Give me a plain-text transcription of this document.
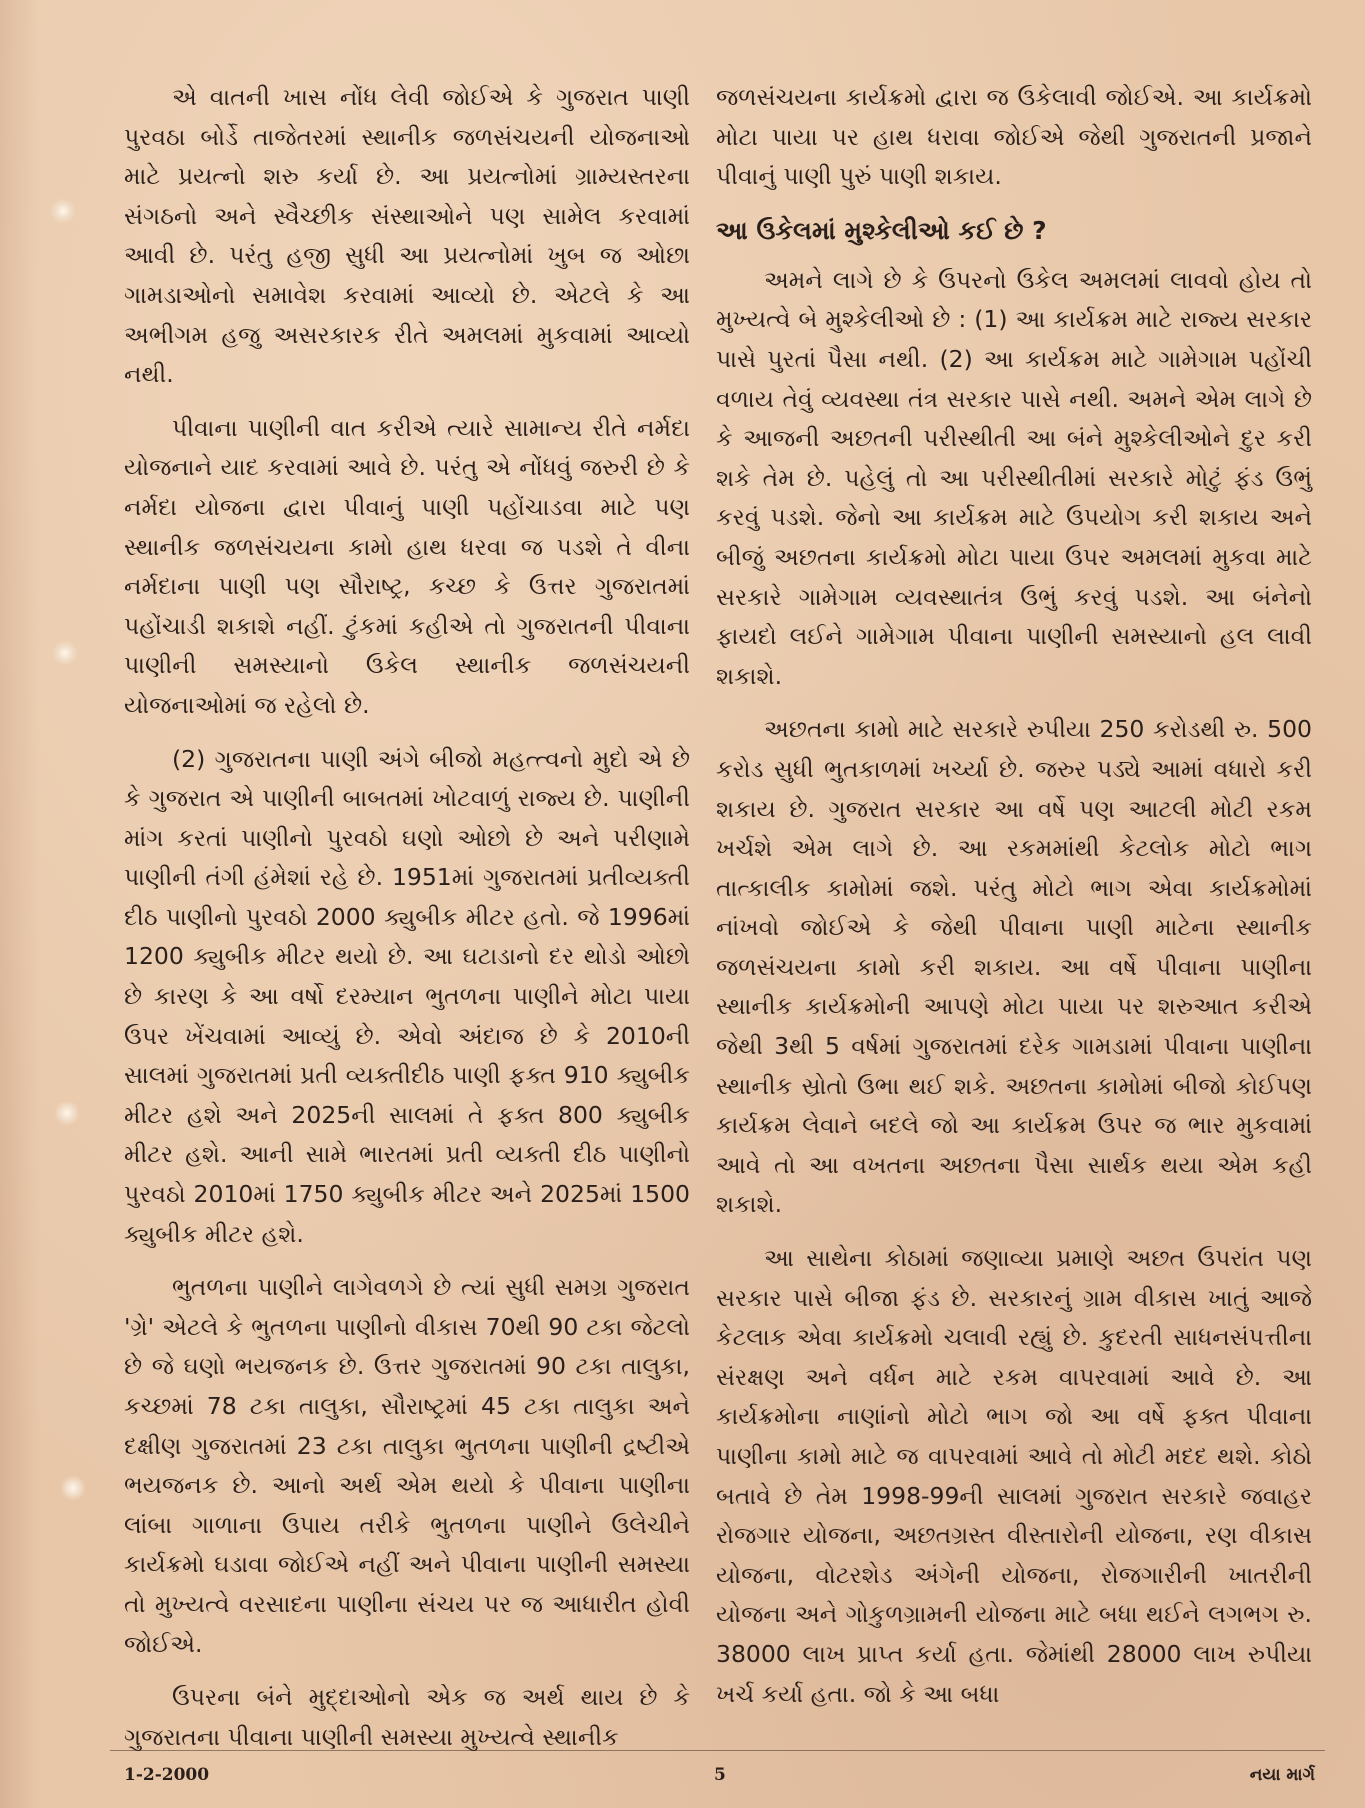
એ વાતની ખાસ નોંધ લેવી જોઈએ કે ગુજરાત પાણી પુરવઠા બોર્ડે તાજેતરમાં સ્થાનીક જળસંચયની યોજનાઓ માટે પ્રયત્નો શરુ કર્યા છે. આ પ્રયત્નોમાં ગ્રામ્યસ્તરના સંગઠનો અને સ્વૈચ્છીક સંસ્થાઓને પણ સામેલ કરવામાં આવી છે. પરંતુ હજી સુધી આ પ્રયત્નોમાં ખુબ જ ઓછા ગામડાઓનો સમાવેશ કરવામાં આવ્યો છે. એટલે કે આ અભીગમ હજુ અસરકારક રીતે અમલમાં મુકવામાં આવ્યો નથી.

પીવાના પાણીની વાત કરીએ ત્યારે સામાન્ય રીતે નર્મદા યોજનાને યાદ કરવામાં આવે છે. પરંતુ એ નોંધવું જરુરી છે કે નર્મદા યોજના દ્વારા પીવાનું પાણી પહોંચાડવા માટે પણ સ્થાનીક જળસંચયના કામો હાથ ધરવા જ પડશે તે વીના નર્મદાના પાણી પણ સૌરાષ્ટ્ર, કચ્છ કે ઉત્તર ગુજરાતમાં પહોંચાડી શકાશે નહીં. ટુંકમાં કહીએ તો ગુજરાતની પીવાના પાણીની સમસ્યાનો ઉકેલ સ્થાનીક જળસંચયની યોજનાઓમાં જ રહેલો છે.

(2) ગુજરાતના પાણી અંગે બીજો મહત્ત્વનો મુદો એ છે કે ગુજરાત એ પાણીની બાબતમાં ખોટવાળું રાજ્ય છે. પાણીની માંગ કરતાં પાણીનો પુરવઠો ઘણો ઓછો છે અને પરીણામે પાણીની તંગી હંમેશાં રહે છે. 1951માં ગુજરાતમાં પ્રતીવ્યક્તી દીઠ પાણીનો પુરવઠો 2000 ક્યુબીક મીટર હતો. જે 1996માં 1200 ક્યુબીક મીટર થયો છે. આ ઘટાડાનો દર થોડો ઓછો છે કારણ કે આ વર્ષો દરમ્યાન ભુતળના પાણીને મોટા પાયા ઉપર ખેંચવામાં આવ્યું છે. એવો અંદાજ છે કે 2010ની સાલમાં ગુજરાતમાં પ્રતી વ્યક્તીદીઠ પાણી ફક્ત 910 ક્યુબીક મીટર હશે અને 2025ની સાલમાં તે ફક્ત 800 ક્યુબીક મીટર હશે. આની સામે ભારતમાં પ્રતી વ્યક્તી દીઠ પાણીનો પુરવઠો 2010માં 1750 ક્યુબીક મીટર અને 2025માં 1500 ક્યુબીક મીટર હશે.

ભુતળના પાણીને લાગેવળગે છે ત્યાં સુધી સમગ્ર ગુજરાત 'ગ્રે' એટલે કે ભુતળના પાણીનો વીકાસ 70થી 90 ટકા જેટલો છે જે ઘણો ભયજનક છે. ઉત્તર ગુજરાતમાં 90 ટકા તાલુકા, કચ્છમાં 78 ટકા તાલુકા, સૌરાષ્ટ્રમાં 45 ટકા તાલુકા અને દક્ષીણ ગુજરાતમાં 23 ટકા તાલુકા ભુતળના પાણીની દ્રષ્ટીએ ભયજનક છે. આનો અર્થ એમ થયો કે પીવાના પાણીના લાંબા ગાળાના ઉપાય તરીકે ભુતળના પાણીને ઉલેચીને કાર્યક્રમો ઘડાવા જોઈએ નહીં અને પીવાના પાણીની સમસ્યા તો મુખ્યત્વે વરસાદના પાણીના સંચય પર જ આધારીત હોવી જોઈએ.

ઉપરના બંને મુદ્દાઓનો એક જ અર્થ થાય છે કે ગુજરાતના પીવાના પાણીની સમસ્યા મુખ્યત્વે સ્થાનીક

જળસંચયના કાર્યક્રમો દ્વારા જ ઉકેલાવી જોઈએ. આ કાર્યક્રમો મોટા પાયા પર હાથ ધરાવા જોઈએ જેથી ગુજરાતની પ્રજાને પીવાનું પાણી પુરું પાણી શકાય.

આ ઉકેલમાં મુશ્કેલીઓ કઈ છે ?

અમને લાગે છે કે ઉપરનો ઉકેલ અમલમાં લાવવો હોય તો મુખ્યત્વે બે મુશ્કેલીઓ છે : (1) આ કાર્યક્રમ માટે રાજ્ય સરકાર પાસે પુરતાં પૈસા નથી. (2) આ કાર્યક્રમ માટે ગામેગામ પહોંચી વળાય તેવું વ્યવસ્થા તંત્ર સરકાર પાસે નથી. અમને એમ લાગે છે કે આજની અછતની પરીસ્થીતી આ બંને મુશ્કેલીઓને દુર કરી શકે તેમ છે. પહેલું તો આ પરીસ્થીતીમાં સરકારે મોટું ફંડ ઉભું કરવું પડશે. જેનો આ કાર્યક્રમ માટે ઉપયોગ કરી શકાય અને બીજું અછતના કાર્યક્રમો મોટા પાયા ઉપર અમલમાં મુકવા માટે સરકારે ગામેગામ વ્યવસ્થાતંત્ર ઉભું કરવું પડશે. આ બંનેનો ફાયદો લઈને ગામેગામ પીવાના પાણીની સમસ્યાનો હલ લાવી શકાશે.

અછતના કામો માટે સરકારે રુપીયા 250 કરોડથી રુ. 500 કરોડ સુધી ભુતકાળમાં ખર્ચ્યા છે. જરુર પડ્યે આમાં વધારો કરી શકાય છે. ગુજરાત સરકાર આ વર્ષે પણ આટલી મોટી રકમ ખર્ચશે એમ લાગે છે. આ રકમમાંથી કેટલોક મોટો ભાગ તાત્કાલીક કામોમાં જશે. પરંતુ મોટો ભાગ એવા કાર્યક્રમોમાં નાંખવો જોઈએ કે જેથી પીવાના પાણી માટેના સ્થાનીક જળસંચયના કામો કરી શકાય. આ વર્ષે પીવાના પાણીના સ્થાનીક કાર્યક્રમોની આપણે મોટા પાયા પર શરુઆત કરીએ જેથી 3થી 5 વર્ષમાં ગુજરાતમાં દરેક ગામડામાં પીવાના પાણીના સ્થાનીક સ્રોતો ઉભા થઈ શકે. અછતના કામોમાં બીજો કોઈપણ કાર્યક્રમ લેવાને બદલે જો આ કાર્યક્રમ ઉપર જ ભાર મુકવામાં આવે તો આ વખતના અછતના પૈસા સાર્થક થયા એમ કહી શકાશે.

આ સાથેના કોઠામાં જણાવ્યા પ્રમાણે અછત ઉપરાંત પણ સરકાર પાસે બીજા ફંડ છે. સરકારનું ગ્રામ વીકાસ ખાતું આજે કેટલાક એવા કાર્યક્રમો ચલાવી રહ્યું છે. કુદરતી સાધનસંપત્તીના સંરક્ષણ અને વર્ધન માટે રકમ વાપરવામાં આવે છે. આ કાર્યક્રમોના નાણાંનો મોટો ભાગ જો આ વર્ષે ફક્ત પીવાના પાણીના કામો માટે જ વાપરવામાં આવે તો મોટી મદદ થશે. કોઠો બતાવે છે તેમ 1998-99ની સાલમાં ગુજરાત સરકારે જવાહર રોજગાર યોજના, અછતગ્રસ્ત વીસ્તારોની યોજના, રણ વીકાસ યોજના, વોટરશેડ અંગેની યોજના, રોજગારીની ખાતરીની યોજના અને ગોકુળગ્રામની યોજના માટે બધા થઈને લગભગ રુ. 38000 લાખ પ્રાપ્ત કર્યા હતા. જેમાંથી 28000 લાખ રુપીયા ખર્ચ કર્યા હતા. જો કે આ બધા

1-2-2000	5	નયા માર્ગ
